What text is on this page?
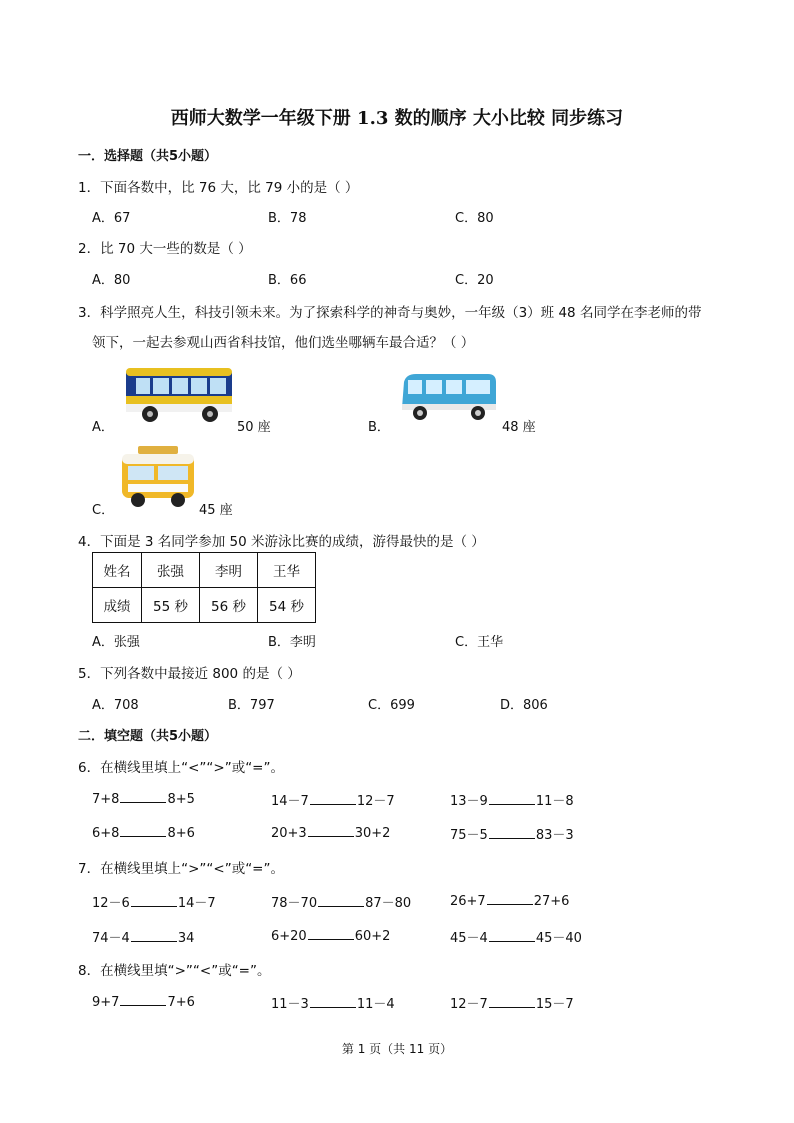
西师大数学一年级下册 1.3 数的顺序 大小比较 同步练习
一．选择题（共5小题）
1．下面各数中，比 76 大，比 79 小的是（ ）
A．67	B．78	C．80
2．比 70 大一些的数是（ ）
A．80	B．66	C．20
3．科学照亮人生，科技引领未来。为了探索科学的神奇与奥妙，一年级（3）班 48 名同学在李老师的带
领下，一起去参观山西省科技馆，他们选坐哪辆车最合适？（ ）
A．	50 座	B．	48 座
C．	45 座
4．下面是 3 名同学参加 50 米游泳比赛的成绩，游得最快的是（ ）
姓名	张强	李明	王华
成绩	55 秒	56 秒	54 秒
A．张强	B．李明	C．王华
5．下列各数中最接近 800 的是（ ）
A．708	B．797	C．699	D．806
二．填空题（共5小题）
6．在横线里填上“<”“>”或“=”。
7+8	8+5	14－7	12－7	13－9	11－8
6+8	8+6	20+3	30+2	75－5	83－3
7．在横线里填上“>”“<”或“=”。
12－6	14－7	78－70	87－80	26+7	27+6
74－4	34	6+20	60+2	45－4	45－40
8．在横线里填“>”“<”或“=”。
9+7	7+6	11－3	11－4	12－7	15－7
第 1 页（共 11 页）
